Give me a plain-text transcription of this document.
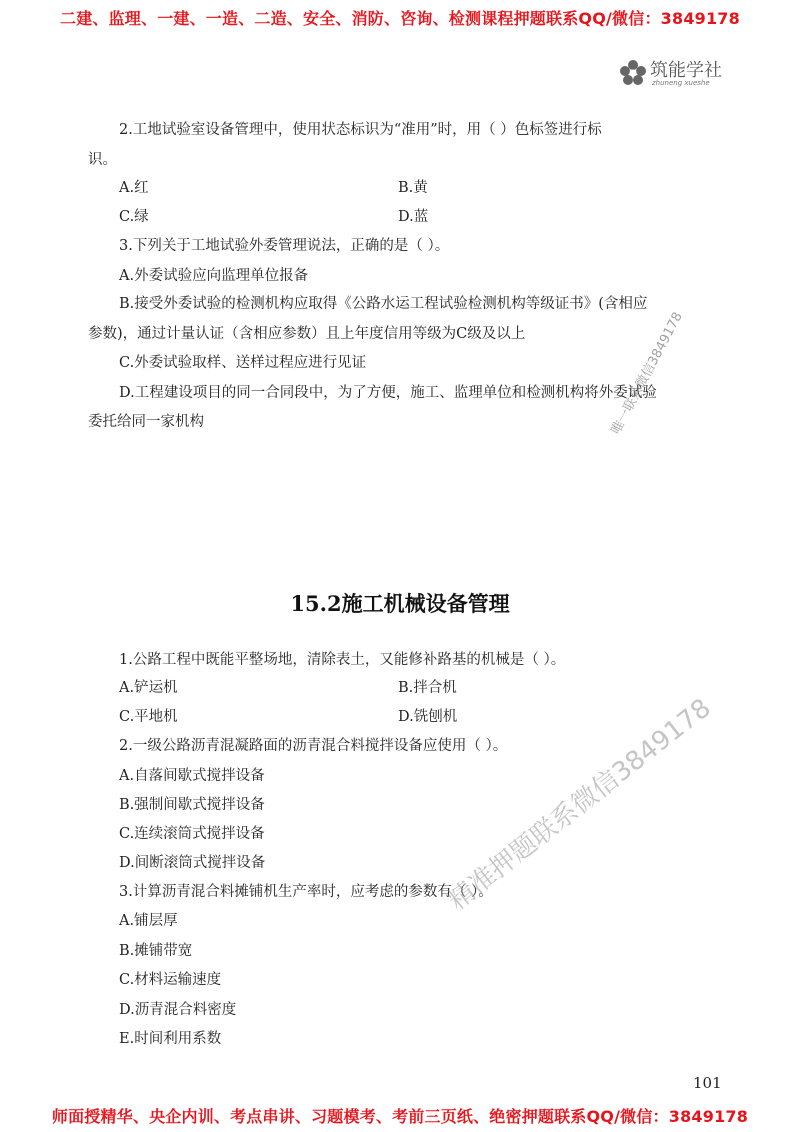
二建、监理、一建、一造、二造、安全、消防、咨询、检测课程押题联系QQ/微信：3849178
筑能学社
zhuneng xueshe
2.工地试验室设备管理中，使用状态标识为“准用”时，用（ ）色标签进行标
识。
A.红	B.黄
C.绿	D.蓝
3.下列关于工地试验外委管理说法，正确的是（ ）。
A.外委试验应向监理单位报备
B.接受外委试验的检测机构应取得《公路水运工程试验检测机构等级证书》(含相应
参数)，通过计量认证（含相应参数）且上年度信用等级为C级及以上
C.外委试验取样、送样过程应进行见证
D.工程建设项目的同一合同段中，为了方便，施工、监理单位和检测机构将外委试验
委托给同一家机构
15.2施工机械设备管理
1.公路工程中既能平整场地，清除表土，又能修补路基的机械是（ ）。
A.铲运机	B.拌合机
C.平地机	D.铣刨机
2.一级公路沥青混凝路面的沥青混合料搅拌设备应使用（ ）。
A.自落间歇式搅拌设备
B.强制间歇式搅拌设备
C.连续滚筒式搅拌设备
D.间断滚筒式搅拌设备
3.计算沥青混合料摊铺机生产率时，应考虑的参数有（ ）。
A.铺层厚
B.摊铺带宽
C.材料运输速度
D.沥青混合料密度
E.时间利用系数
唯一联系微信3849178
精准押题联系微信3849178
101
师面授精华、央企内训、考点串讲、习题模考、考前三页纸、绝密押题联系QQ/微信：3849178
